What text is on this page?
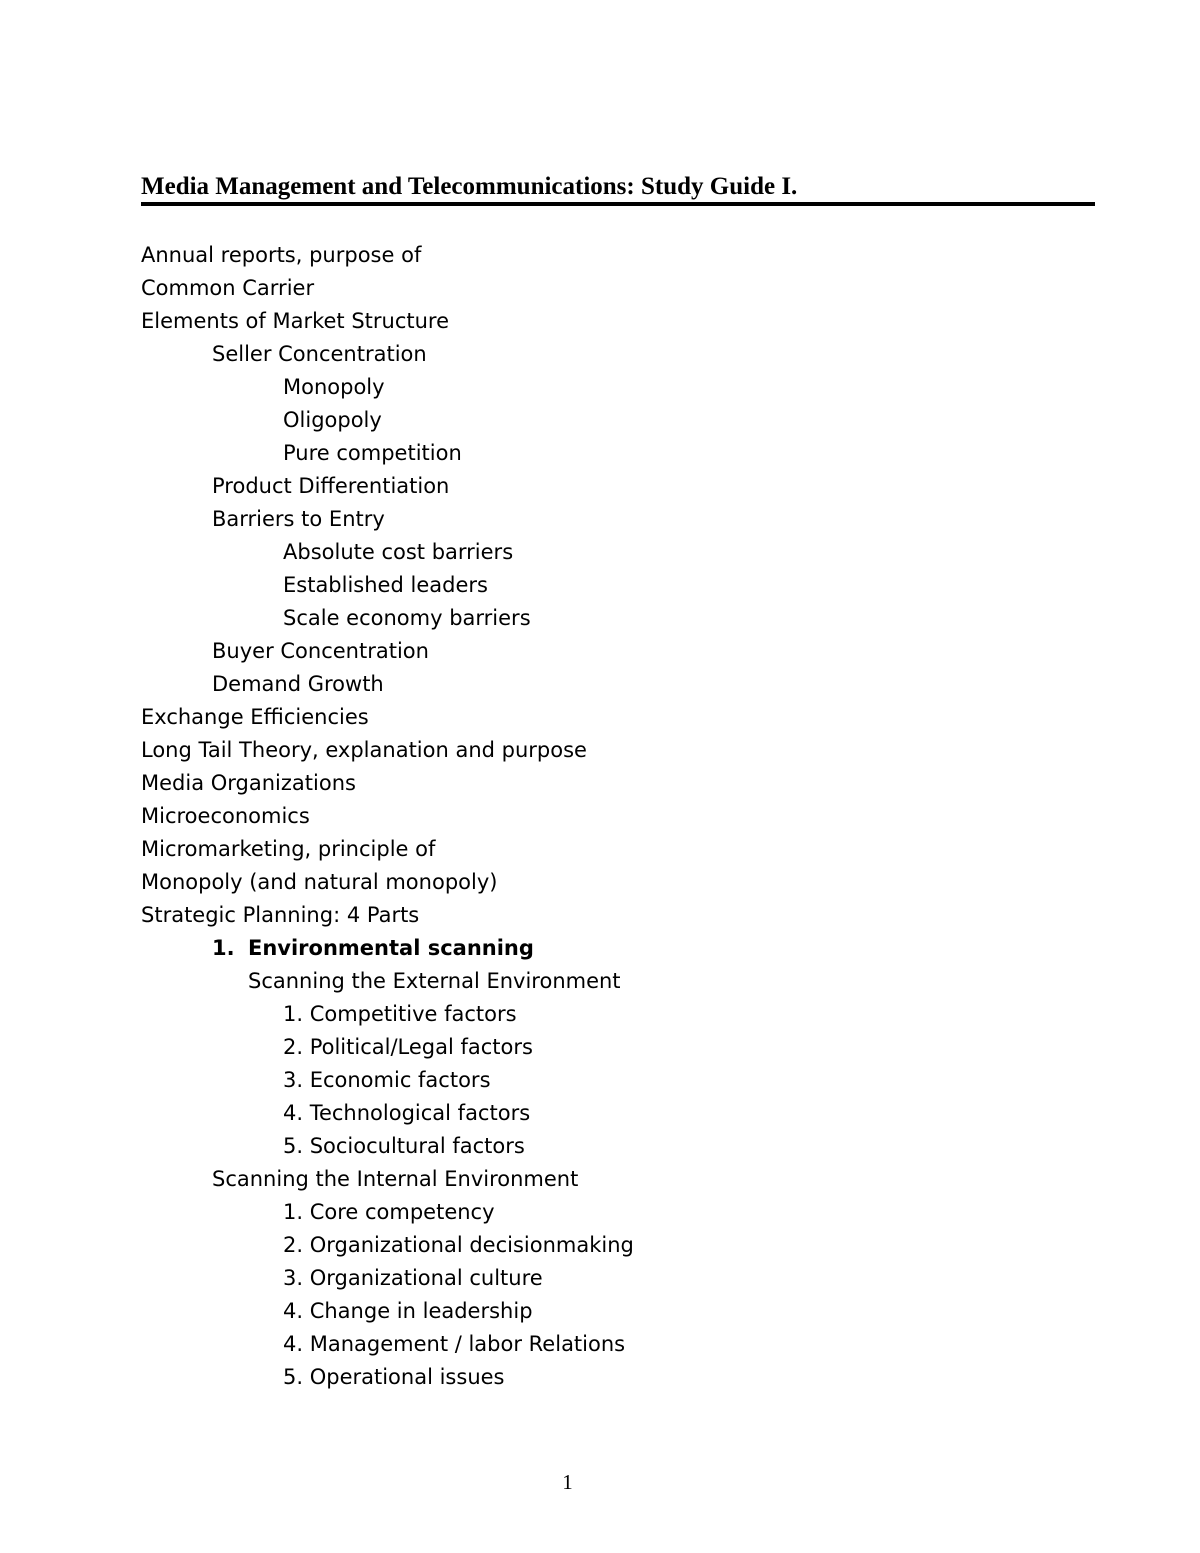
Media Management and Telecommunications: Study Guide I.
Annual reports, purpose of
Common Carrier
Elements of Market Structure
Seller Concentration
Monopoly
Oligopoly
Pure competition
Product Differentiation
Barriers to Entry
Absolute cost barriers
Established leaders
Scale economy barriers
Buyer Concentration
Demand Growth
Exchange Efficiencies
Long Tail Theory, explanation and purpose
Media Organizations
Microeconomics
Micromarketing, principle of
Monopoly (and natural monopoly)
Strategic Planning: 4 Parts
1. Environmental scanning
Scanning the External Environment
1. Competitive factors
2. Political/Legal factors
3. Economic factors
4. Technological factors
5. Sociocultural factors
Scanning the Internal Environment
1. Core competency
2. Organizational decisionmaking
3. Organizational culture
4. Change in leadership
4. Management / labor Relations
5. Operational issues
1
